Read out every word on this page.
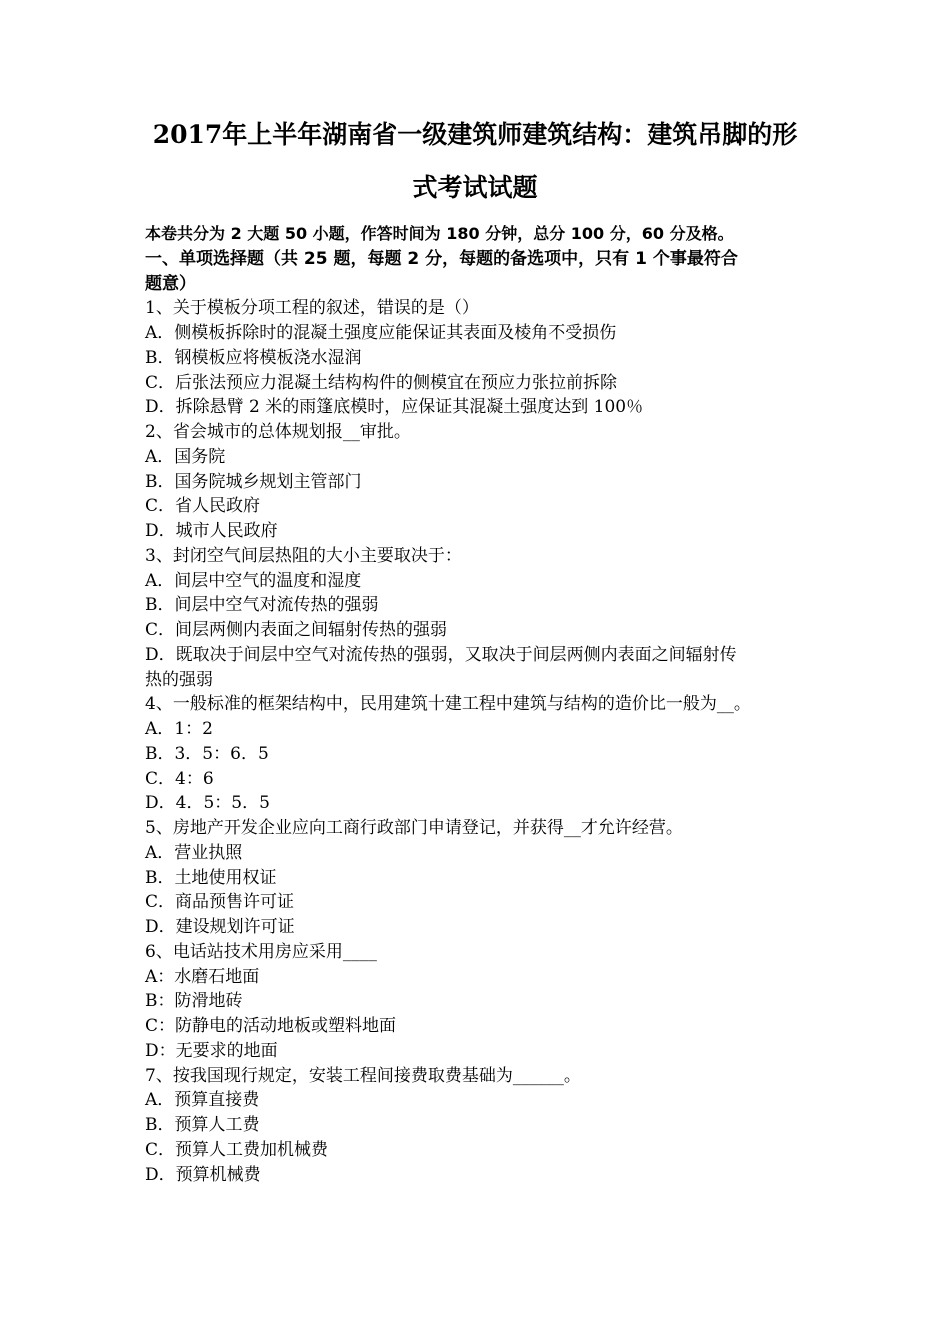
2017年上半年湖南省一级建筑师建筑结构：建筑吊脚的形
式考试试题
本卷共分为 2 大题 50 小题，作答时间为 180 分钟，总分 100 分，60 分及格。
一、单项选择题（共 25 题，每题 2 分，每题的备选项中，只有 1 个事最符合
题意）
1、关于模板分项工程的叙述，错误的是（）
A．侧模板拆除时的混凝土强度应能保证其表面及棱角不受损伤
B．钢模板应将模板浇水湿润
C．后张法预应力混凝土结构构件的侧模宜在预应力张拉前拆除
D．拆除悬臂 2 米的雨篷底模时，应保证其混凝土强度达到 100％
2、省会城市的总体规划报__审批。
A．国务院
B．国务院城乡规划主管部门
C．省人民政府
D．城市人民政府
3、封闭空气间层热阻的大小主要取决于：
A．间层中空气的温度和湿度
B．间层中空气对流传热的强弱
C．间层两侧内表面之间辐射传热的强弱
D．既取决于间层中空气对流传热的强弱，又取决于间层两侧内表面之间辐射传
热的强弱
4、一般标准的框架结构中，民用建筑十建工程中建筑与结构的造价比一般为__。
A．1：2
B．3．5：6．5
C．4：6
D．4．5：5．5
5、房地产开发企业应向工商行政部门申请登记，并获得__才允许经营。
A．营业执照
B．土地使用权证
C．商品预售许可证
D．建设规划许可证
6、电话站技术用房应采用____
A：水磨石地面
B：防滑地砖
C：防静电的活动地板或塑料地面
D：无要求的地面
7、按我国现行规定，安装工程间接费取费基础为______。
A．预算直接费
B．预算人工费
C．预算人工费加机械费
D．预算机械费
